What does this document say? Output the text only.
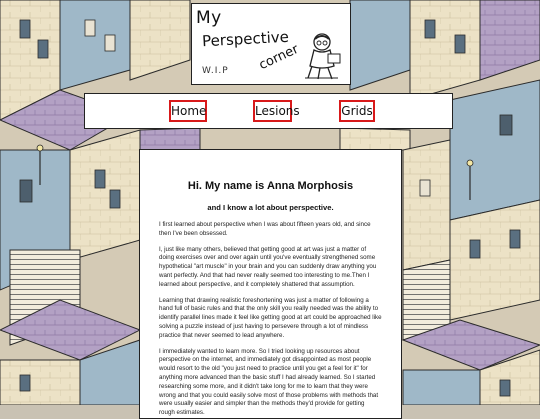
My
Perspective
corner
W.I.P
Home	Lesions	Grids
Hi. My name is Anna Morphosis
and I know a lot about perspective.

I first learned about perspective when I was about fifteen years old, and since then I've been obsessed.

I, just like many others, believed that getting good at art was just a matter of doing exercises over and over again until you've eventually strengthened some hypothetical "art muscle" in your brain and you can suddenly draw anything you want perfectly. And that had never really seemed too interesting to me.Then I learned about perspective, and it completely shattered that assumption.

Learning that drawing realistic foreshortening was just a matter of following a hand full of basic rules and that the only skill you really needed was the ability to identify parallel lines made it feel like getting good at art could be approached like solving a puzzle instead of just having to persevere through a lot of mindless practice that never seemed to lead anywhere.

I immediately wanted to learn more. So I tried looking up resources about perspective on the internet, and immediately got disappointed as most people would resort to the old "you just need to practice until you get a feel for it" for anything more advanced than the basic stuff I had already learned. So I started researching some more, and it didn't take long for me to learn that they were wrong and that you could easily solve most of those problems with methods that were usually easier and simpler than the methods they'd provide for getting rough estimates.
